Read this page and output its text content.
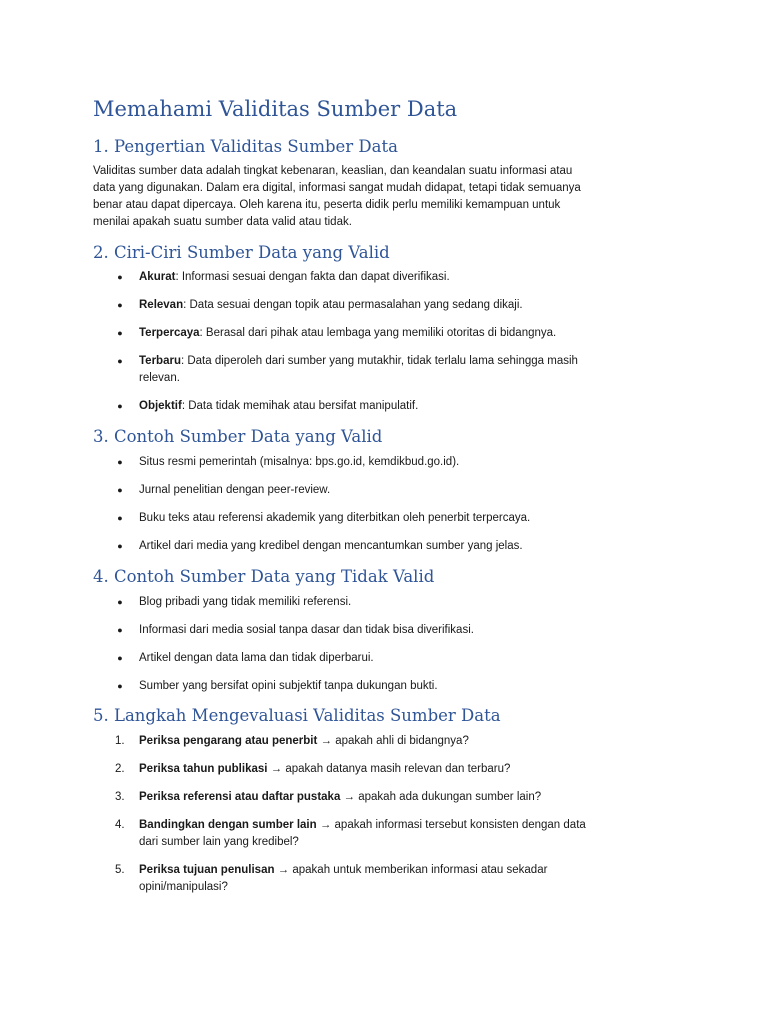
Memahami Validitas Sumber Data
1. Pengertian Validitas Sumber Data

Validitas sumber data adalah tingkat kebenaran, keaslian, dan keandalan suatu informasi atau
data yang digunakan. Dalam era digital, informasi sangat mudah didapat, tetapi tidak semuanya
benar atau dapat dipercaya. Oleh karena itu, peserta didik perlu memiliki kemampuan untuk
menilai apakah suatu sumber data valid atau tidak.

2. Ciri-Ciri Sumber Data yang Valid

● Akurat: Informasi sesuai dengan fakta dan dapat diverifikasi.

● Relevan: Data sesuai dengan topik atau permasalahan yang sedang dikaji.

● Terpercaya: Berasal dari pihak atau lembaga yang memiliki otoritas di bidangnya.

● Terbaru: Data diperoleh dari sumber yang mutakhir, tidak terlalu lama sehingga masih
relevan.

● Objektif: Data tidak memihak atau bersifat manipulatif.

3. Contoh Sumber Data yang Valid

● Situs resmi pemerintah (misalnya: bps.go.id, kemdikbud.go.id).

● Jurnal penelitian dengan peer-review.

● Buku teks atau referensi akademik yang diterbitkan oleh penerbit terpercaya.

● Artikel dari media yang kredibel dengan mencantumkan sumber yang jelas.

4. Contoh Sumber Data yang Tidak Valid

● Blog pribadi yang tidak memiliki referensi.

● Informasi dari media sosial tanpa dasar dan tidak bisa diverifikasi.

● Artikel dengan data lama dan tidak diperbarui.

● Sumber yang bersifat opini subjektif tanpa dukungan bukti.

5. Langkah Mengevaluasi Validitas Sumber Data

1. Periksa pengarang atau penerbit → apakah ahli di bidangnya?

2. Periksa tahun publikasi → apakah datanya masih relevan dan terbaru?

3. Periksa referensi atau daftar pustaka → apakah ada dukungan sumber lain?

4. Bandingkan dengan sumber lain → apakah informasi tersebut konsisten dengan data
dari sumber lain yang kredibel?

5. Periksa tujuan penulisan → apakah untuk memberikan informasi atau sekadar
opini/manipulasi?
